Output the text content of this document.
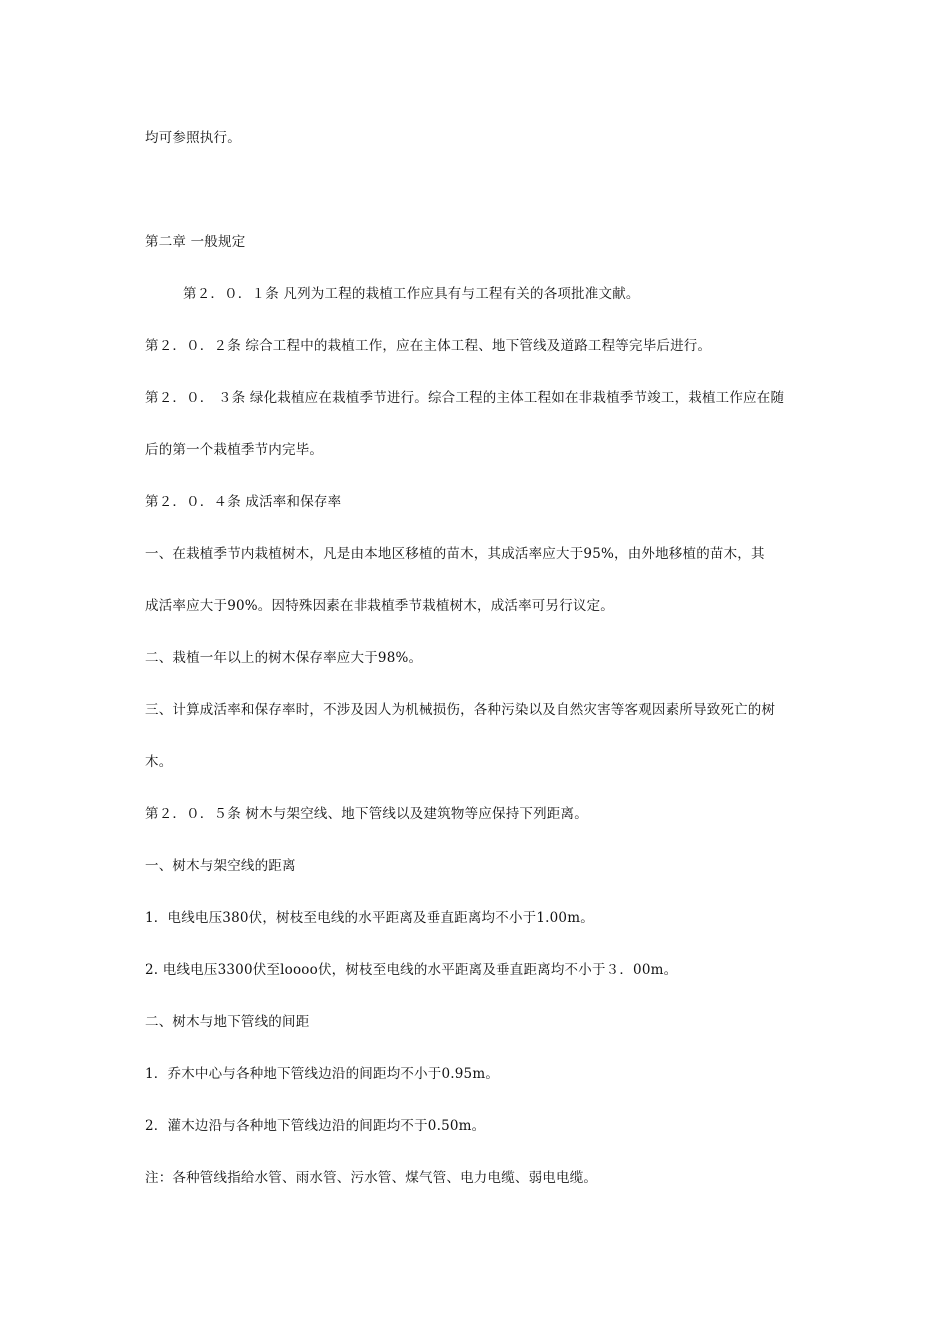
均可参照执行。
第二章 一般规定
第２．０．１条 凡列为工程的栽植工作应具有与工程有关的各项批准文献。
第２．０．２条 综合工程中的栽植工作，应在主体工程、地下管线及道路工程等完毕后进行。
第２．０． ３条 绿化栽植应在栽植季节进行。综合工程的主体工程如在非栽植季节竣工，栽植工作应在随
后的第一个栽植季节内完毕。
第２．０．４条 成活率和保存率
一、在栽植季节内栽植树木，凡是由本地区移植的苗木，其成活率应大于95%，由外地移植的苗木，其
成活率应大于90%。因特殊因素在非栽植季节栽植树木，成活率可另行议定。
二、栽植一年以上的树木保存率应大于98%。
三、计算成活率和保存率时，不涉及因人为机械损伤，各种污染以及自然灾害等客观因素所导致死亡的树
木。
第２．０．５条 树木与架空线、地下管线以及建筑物等应保持下列距离。
一、树木与架空线的距离
1．电线电压380伏，树枝至电线的水平距离及垂直距离均不小于1.00m。
2. 电线电压3300伏至loooo伏，树枝至电线的水平距离及垂直距离均不小于３．00m。
二、树木与地下管线的间距
1．乔木中心与各种地下管线边沿的间距均不小于0.95m。
2．灌木边沿与各种地下管线边沿的间距均不于0.50m。
注：各种管线指给水管、雨水管、污水管、煤气管、电力电缆、弱电电缆。
